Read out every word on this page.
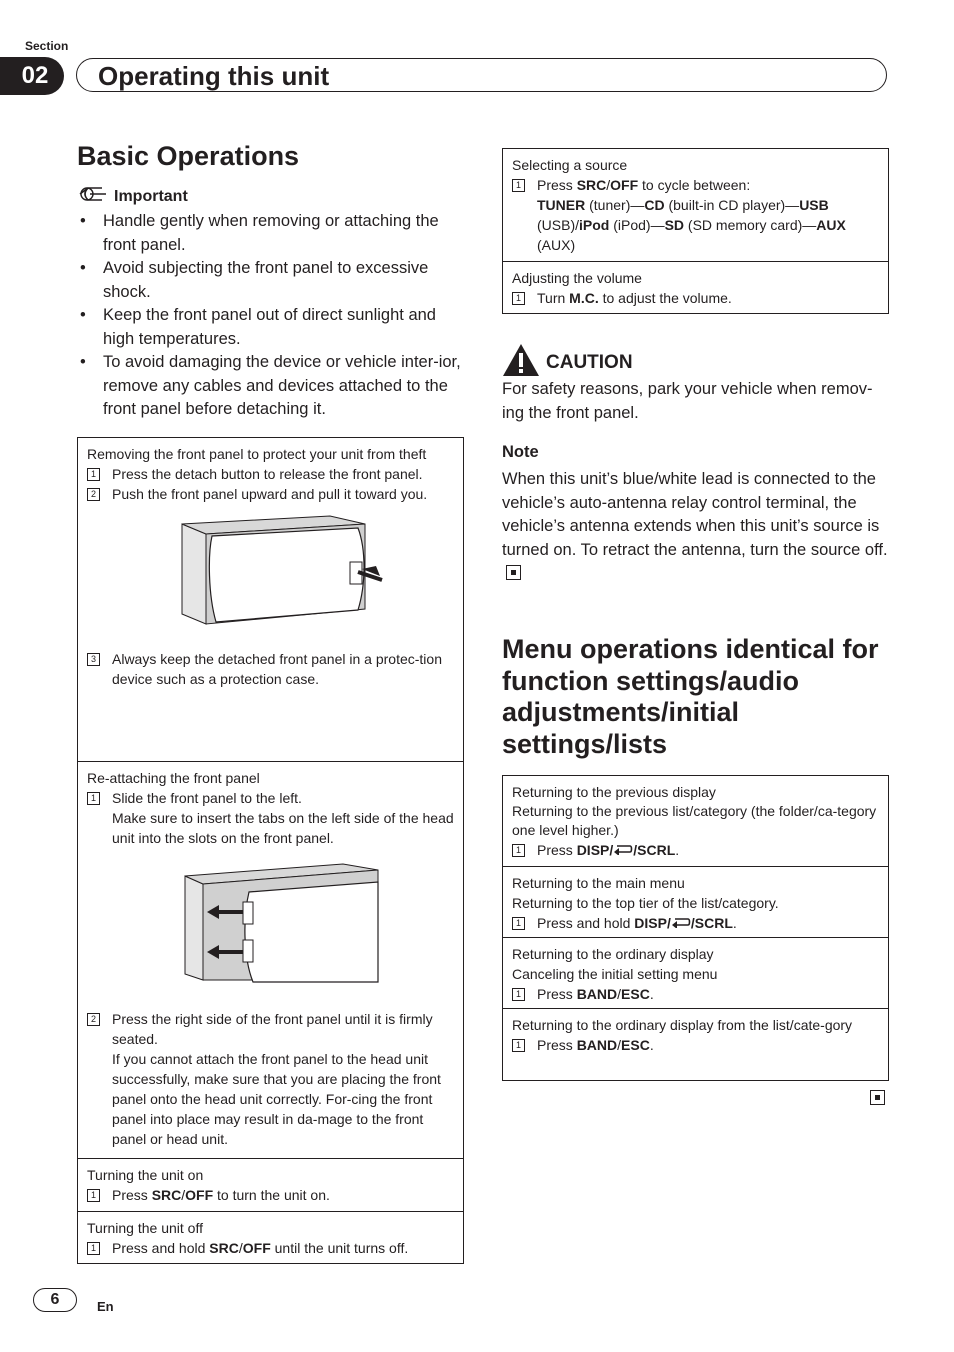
Section
02	Operating this unit
Basic Operations
Important
• Handle gently when removing or attaching the front panel.
• Avoid subjecting the front panel to excessive shock.
• Keep the front panel out of direct sunlight and high temperatures.
• To avoid damaging the device or vehicle inter-ior, remove any cables and devices attached to the front panel before detaching it.
Removing the front panel to protect your unit from theft
1 Press the detach button to release the front panel.
2 Push the front panel upward and pull it toward you.
3 Always keep the detached front panel in a protec-tion device such as a protection case.
Re-attaching the front panel
1 Slide the front panel to the left.
Make sure to insert the tabs on the left side of the head unit into the slots on the front panel.
2 Press the right side of the front panel until it is firmly seated.
If you cannot attach the front panel to the head unit successfully, make sure that you are placing the front panel onto the head unit correctly. For-cing the front panel into place may result in da-mage to the front panel or head unit.
Turning the unit on
1 Press SRC/OFF to turn the unit on.
Turning the unit off
1 Press and hold SRC/OFF until the unit turns off.
Selecting a source
1 Press SRC/OFF to cycle between:
TUNER (tuner)—CD (built-in CD player)—USB (USB)/iPod (iPod)—SD (SD memory card)—AUX (AUX)
Adjusting the volume
1 Turn M.C. to adjust the volume.
CAUTION
For safety reasons, park your vehicle when remov-ing the front panel.
Note
When this unit’s blue/white lead is connected to the vehicle’s auto-antenna relay control terminal, the vehicle’s antenna extends when this unit’s source is turned on. To retract the antenna, turn the source off.
Menu operations identical for function settings/audio adjustments/initial settings/lists
Returning to the previous display
Returning to the previous list/category (the folder/ca-tegory one level higher.)
1 Press DISP/ /SCRL.
Returning to the main menu
Returning to the top tier of the list/category.
1 Press and hold DISP/ /SCRL.
Returning to the ordinary display
Canceling the initial setting menu
1 Press BAND/ESC.
Returning to the ordinary display from the list/cate-gory
1 Press BAND/ESC.
6	En
